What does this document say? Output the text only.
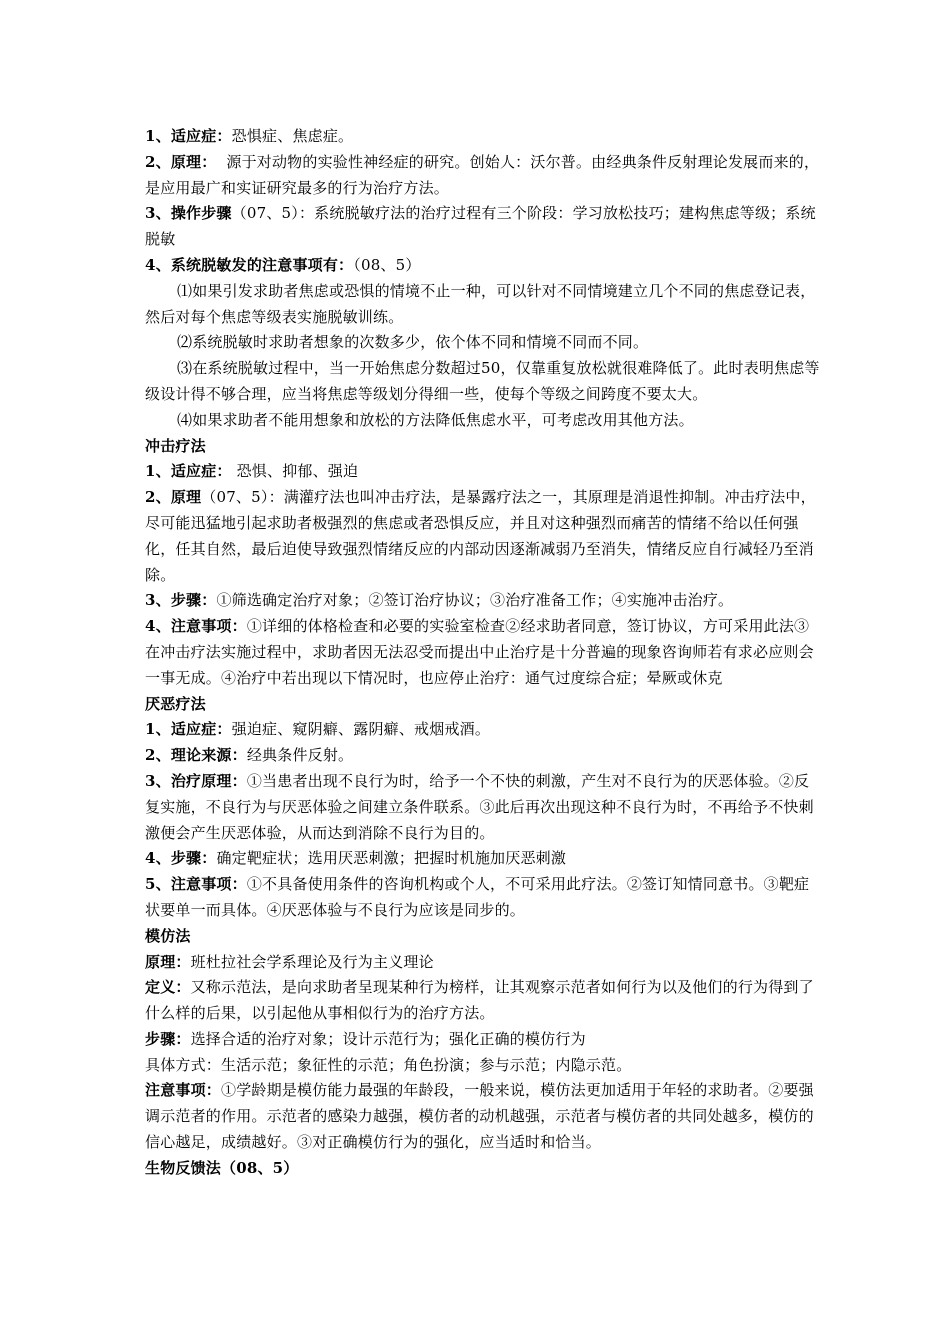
1、适应症：恐惧症、焦虑症。

2、原理： 源于对动物的实验性神经症的研究。创始人：沃尔普。由经典条件反射理论发展而来的，是应用最广和实证研究最多的行为治疗方法。

3、操作步骤（07、5）：系统脱敏疗法的治疗过程有三个阶段：学习放松技巧；建构焦虑等级；系统脱敏

4、系统脱敏发的注意事项有：（08、5）

⑴如果引发求助者焦虑或恐惧的情境不止一种，可以针对不同情境建立几个不同的焦虑登记表，然后对每个焦虑等级表实施脱敏训练。

⑵系统脱敏时求助者想象的次数多少，依个体不同和情境不同而不同。

⑶在系统脱敏过程中，当一开始焦虑分数超过50，仅靠重复放松就很难降低了。此时表明焦虑等级设计得不够合理，应当将焦虑等级划分得细一些，使每个等级之间跨度不要太大。

⑷如果求助者不能用想象和放松的方法降低焦虑水平，可考虑改用其他方法。

冲击疗法

1、适应症： 恐惧、抑郁、强迫

2、原理（07、5）：满灌疗法也叫冲击疗法，是暴露疗法之一，其原理是消退性抑制。冲击疗法中，尽可能迅猛地引起求助者极强烈的焦虑或者恐惧反应，并且对这种强烈而痛苦的情绪不给以任何强化，任其自然，最后迫使导致强烈情绪反应的内部动因逐渐减弱乃至消失，情绪反应自行减轻乃至消除。

3、步骤：①筛选确定治疗对象；②签订治疗协议；③治疗准备工作；④实施冲击治疗。

4、注意事项：①详细的体格检查和必要的实验室检查②经求助者同意，签订协议，方可采用此法③在冲击疗法实施过程中，求助者因无法忍受而提出中止治疗是十分普遍的现象咨询师若有求必应则会一事无成。④治疗中若出现以下情况时，也应停止治疗：通气过度综合症；晕厥或休克

厌恶疗法

1、适应症：强迫症、窥阴癖、露阴癖、戒烟戒酒。

2、理论来源：经典条件反射。

3、治疗原理：①当患者出现不良行为时，给予一个不快的刺激，产生对不良行为的厌恶体验。②反复实施，不良行为与厌恶体验之间建立条件联系。③此后再次出现这种不良行为时，不再给予不快刺激便会产生厌恶体验，从而达到消除不良行为目的。

4、步骤：确定靶症状；选用厌恶刺激；把握时机施加厌恶刺激

5、注意事项：①不具备使用条件的咨询机构或个人，不可采用此疗法。②签订知情同意书。③靶症状要单一而具体。④厌恶体验与不良行为应该是同步的。

模仿法

原理：班杜拉社会学系理论及行为主义理论

定义：又称示范法，是向求助者呈现某种行为榜样，让其观察示范者如何行为以及他们的行为得到了什么样的后果，以引起他从事相似行为的治疗方法。

步骤：选择合适的治疗对象；设计示范行为；强化正确的模仿行为

具体方式：生活示范；象征性的示范；角色扮演；参与示范；内隐示范。

注意事项：①学龄期是模仿能力最强的年龄段，一般来说，模仿法更加适用于年轻的求助者。②要强调示范者的作用。示范者的感染力越强，模仿者的动机越强，示范者与模仿者的共同处越多，模仿的信心越足，成绩越好。③对正确模仿行为的强化，应当适时和恰当。

生物反馈法（08、5）
